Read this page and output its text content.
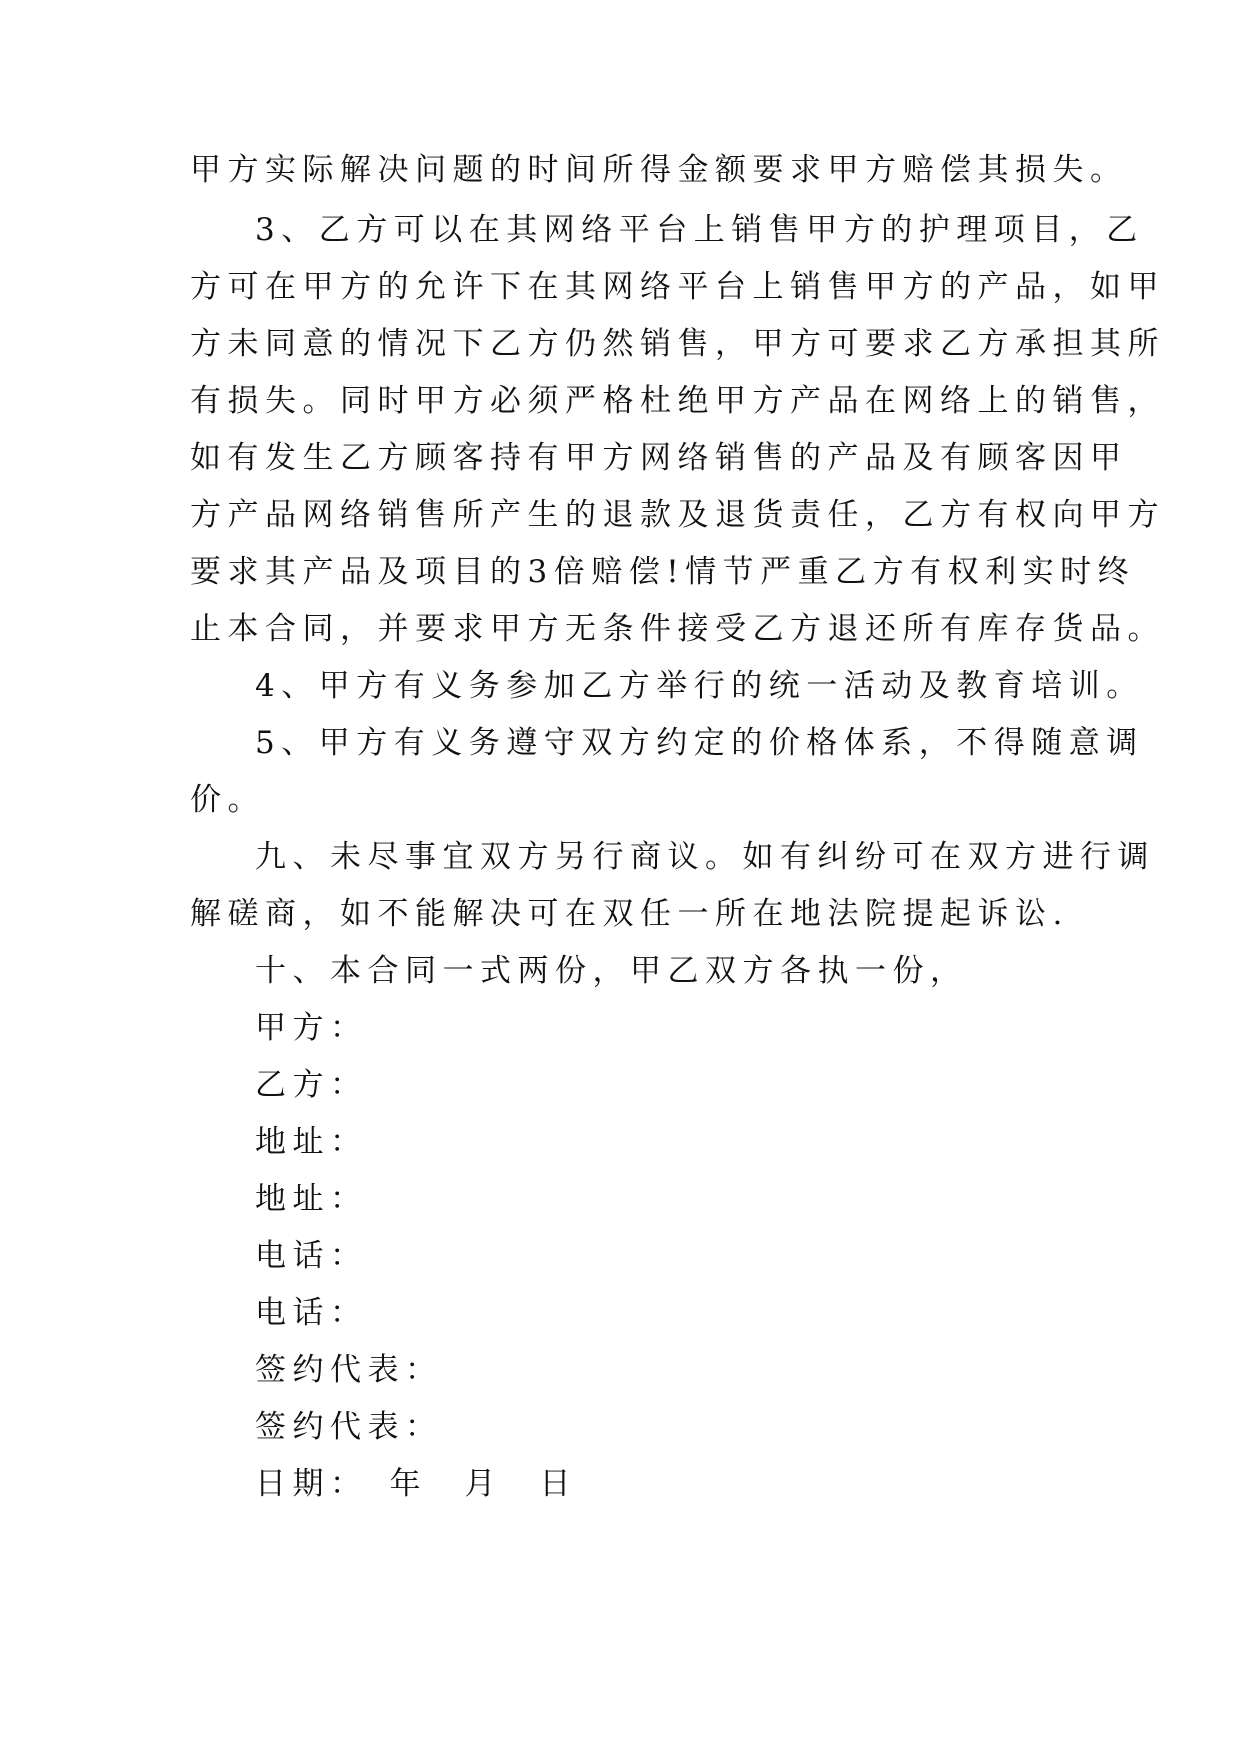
甲方实际解决问题的时间所得金额要求甲方赔偿其损失。
3、乙方可以在其网络平台上销售甲方的护理项目，乙
方可在甲方的允许下在其网络平台上销售甲方的产品，如甲
方未同意的情况下乙方仍然销售，甲方可要求乙方承担其所
有损失。同时甲方必须严格杜绝甲方产品在网络上的销售，
如有发生乙方顾客持有甲方网络销售的产品及有顾客因甲
方产品网络销售所产生的退款及退货责任，乙方有权向甲方
要求其产品及项目的3倍赔偿!情节严重乙方有权利实时终
止本合同，并要求甲方无条件接受乙方退还所有库存货品。
4、甲方有义务参加乙方举行的统一活动及教育培训。
5、甲方有义务遵守双方约定的价格体系，不得随意调
价。
九、未尽事宜双方另行商议。如有纠纷可在双方进行调
解磋商，如不能解决可在双任一所在地法院提起诉讼.
十、本合同一式两份，甲乙双方各执一份，
甲方：
乙方：
地址：
地址：
电话：
电话：
签约代表：
签约代表：
日期：　年　月　日
